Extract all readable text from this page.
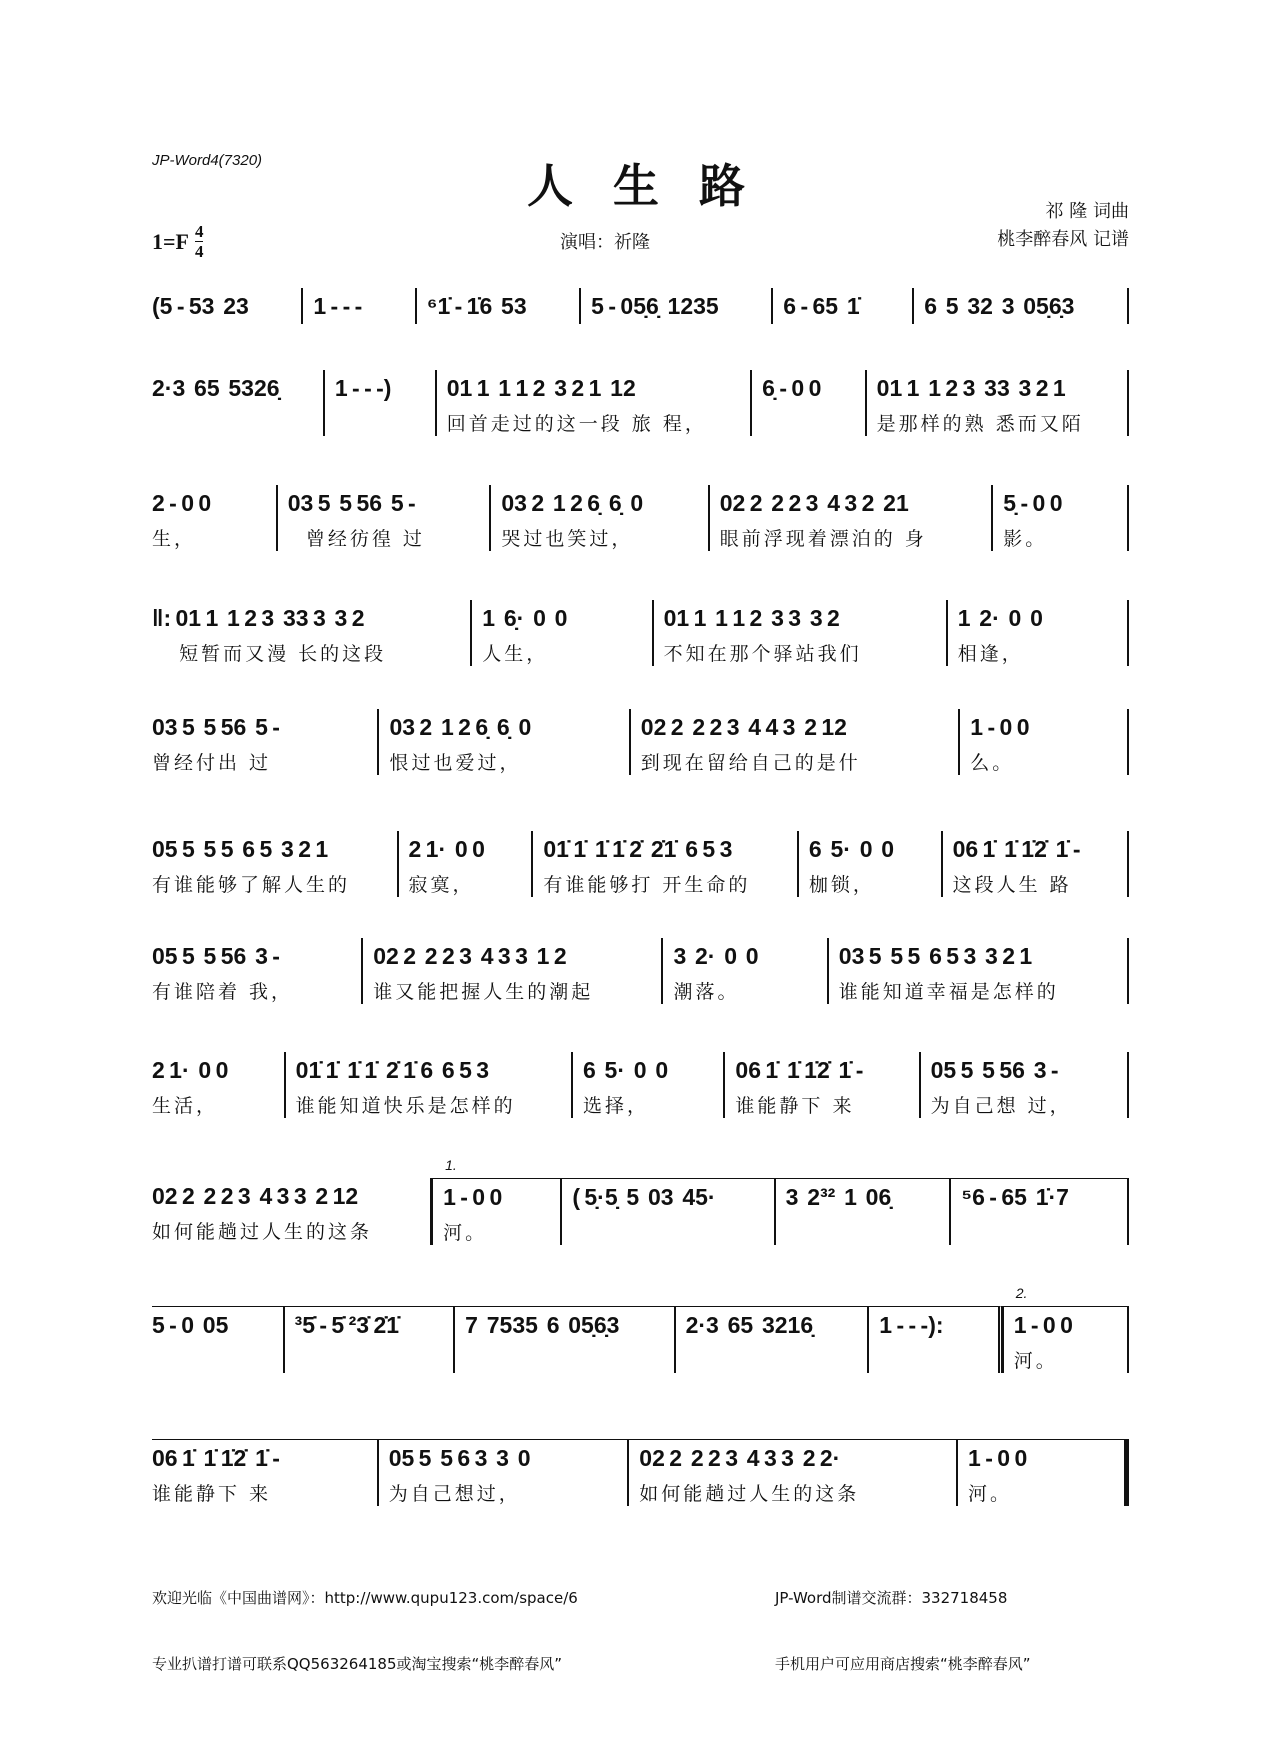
JP-Word4(7320)	人生路
$1=F \frac{4}{4}$	演唱：祈隆
祁 隆 词曲
桃李醉春风 记谱
(5 - 53  23	1 - - -	⁶1̇ - 1̇6  53	5 - 05̣6̣  1235	6 - 65  1̇	6  5  32  3  05̣6̣3
2·3  65  5326̣	1 - - -)	01 1  1 1 2  3 2 1  12
回首走过的这一段 旅 程，
6̣ - 0 0	01 1  1 2 3  33  3 2 1
是那样的熟 悉而又陌
2 - 0 0
生，
03 5  5 56  5 -
曾经彷徨 过
03 2  1 2 6̣  6̣  0
哭过也笑过，
02 2  2 2 3  4 3 2  21
眼前浮现着漂泊的 身
5̣ - 0 0
影。
‖: 01 1  1 2 3  33 3  3 2
短暂而又漫 长的这段
1  6̣·  0  0
人生，
01 1  1 1 2  3 3  3 2
不知在那个驿站我们
1  2·  0  0
相逢，
03 5  5 56  5 -
曾经付出 过
03 2  1 2 6̣  6̣  0
恨过也爱过，
02 2  2 2 3  4 4 3  2 12
到现在留给自己的是什
1 - 0 0
么。
05 5  5 5  6 5  3 2 1
有谁能够了解人生的
2 1·  0 0
寂寞，
01̇ 1̇  1̇ 1̇ 2̇  2̇1̇  6 5 3
有谁能够打 开生命的
6  5·  0  0
枷锁，
06 1̇  1̇ 1̇2̇  1̇ -
这段人生 路
05 5  5 56  3 -
有谁陪着 我，
02 2  2 2 3  4 3 3  1 2
谁又能把握人生的潮起
3  2·  0  0
潮落。
03 5  5 5  6 5 3  3 2 1
谁能知道幸福是怎样的
2 1·  0 0
生活，
01̇ 1̇  1̇ 1̇  2̇ 1̇ 6  6 5 3
谁能知道快乐是怎样的
6  5·  0  0
选择，
06 1̇  1̇ 1̇2̇  1̇ -
谁能静下 来
05 5  5 56  3 -
为自己想 过，
02 2  2 2 3  4 3 3  2 12
如何能趟过人生的这条
1.
1 - 0 0
河。
( 5̣·5̣  5  03  45·	3  2³²  1  06̣	⁵6 - 65  1̇·7
5 - 0  05	³5̇ - 5̇ ²3̇ 2̇1̇	7  7535  6  05̣6̣3	2·3  65  3216̣	1 - - -):
2.
1 - 0 0
河。
06 1̇  1̇ 1̇2̇  1̇ -
谁能静下 来
05 5  5 6 3  3  0
为自己想过，
02 2  2 2 3  4 3 3  2 2·
如何能趟过人生的这条
1 - 0 0
河。

欢迎光临《中国曲谱网》：http://www.qupu123.com/space/6

专业扒谱打谱可联系QQ563264185或淘宝搜索“桃李醉春风”

JP-Word制谱交流群：332718458

手机用户可应用商店搜索“桃李醉春风”
